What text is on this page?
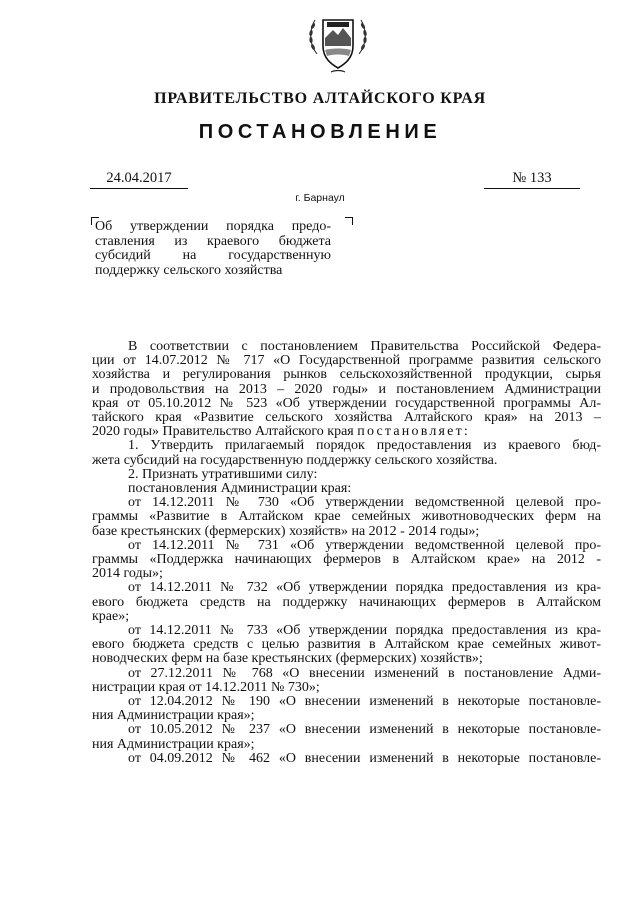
ПРАВИТЕЛЬСТВО АЛТАЙСКОГО КРАЯ
ПОСТАНОВЛЕНИЕ
24.04.2017	№ 133
г. Барнаул
Об утверждении порядка предо-
ставления из краевого бюджета
субсидий на государственную
поддержку сельского хозяйства
В соответствии с постановлением Правительства Российской Федера-
ции от 14.07.2012 № 717 «О Государственной программе развития сельского
хозяйства и регулирования рынков сельскохозяйственной продукции, сырья
и продовольствия на 2013 – 2020 годы» и постановлением Администрации
края от 05.10.2012 № 523 «Об утверждении государственной программы Ал-
тайского края «Развитие сельского хозяйства Алтайского края» на 2013 –
2020 годы» Правительство Алтайского края постановляет:
1. Утвердить прилагаемый порядок предоставления из краевого бюд-
жета субсидий на государственную поддержку сельского хозяйства.
2. Признать утратившими силу:
постановления Администрации края:
от 14.12.2011 № 730 «Об утверждении ведомственной целевой про-
граммы «Развитие в Алтайском крае семейных животноводческих ферм на
базе крестьянских (фермерских) хозяйств» на 2012 - 2014 годы»;
от 14.12.2011 № 731 «Об утверждении ведомственной целевой про-
граммы «Поддержка начинающих фермеров в Алтайском крае» на 2012 -
2014 годы»;
от 14.12.2011 № 732 «Об утверждении порядка предоставления из кра-
евого бюджета средств на поддержку начинающих фермеров в Алтайском
крае»;
от 14.12.2011 № 733 «Об утверждении порядка предоставления из кра-
евого бюджета средств с целью развития в Алтайском крае семейных живот-
новодческих ферм на базе крестьянских (фермерских) хозяйств»;
от 27.12.2011 № 768 «О внесении изменений в постановление Адми-
нистрации края от 14.12.2011 № 730»;
от 12.04.2012 № 190 «О внесении изменений в некоторые постановле-
ния Администрации края»;
от 10.05.2012 № 237 «О внесении изменений в некоторые постановле-
ния Администрации края»;
от 04.09.2012 № 462 «О внесении изменений в некоторые постановле-
